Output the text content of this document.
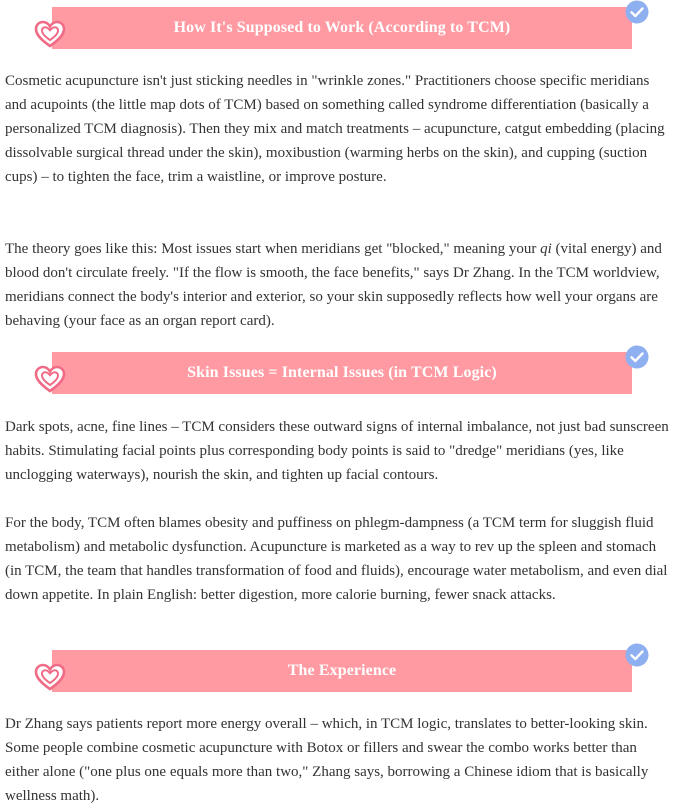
How It's Supposed to Work (According to TCM)

Cosmetic acupuncture isn't just sticking needles in "wrinkle zones." Practitioners choose specific meridians and acupoints (the little map dots of TCM) based on something called syndrome differentiation (basically a personalized TCM diagnosis). Then they mix and match treatments – acupuncture, catgut embedding (placing dissolvable surgical thread under the skin), moxibustion (warming herbs on the skin), and cupping (suction cups) – to tighten the face, trim a waistline, or improve posture.

The theory goes like this: Most issues start when meridians get "blocked," meaning your qi (vital energy) and blood don't circulate freely. "If the flow is smooth, the face benefits," says Dr Zhang. In the TCM worldview, meridians connect the body's interior and exterior, so your skin supposedly reflects how well your organs are behaving (your face as an organ report card).

Skin Issues = Internal Issues (in TCM Logic)

Dark spots, acne, fine lines – TCM considers these outward signs of internal imbalance, not just bad sunscreen habits. Stimulating facial points plus corresponding body points is said to "dredge" meridians (yes, like unclogging waterways), nourish the skin, and tighten up facial contours.

For the body, TCM often blames obesity and puffiness on phlegm-dampness (a TCM term for sluggish fluid metabolism) and metabolic dysfunction. Acupuncture is marketed as a way to rev up the spleen and stomach (in TCM, the team that handles transformation of food and fluids), encourage water metabolism, and even dial down appetite. In plain English: better digestion, more calorie burning, fewer snack attacks.

The Experience

Dr Zhang says patients report more energy overall – which, in TCM logic, translates to better-looking skin. Some people combine cosmetic acupuncture with Botox or fillers and swear the combo works better than either alone ("one plus one equals more than two," Zhang says, borrowing a Chinese idiom that is basically wellness math).
